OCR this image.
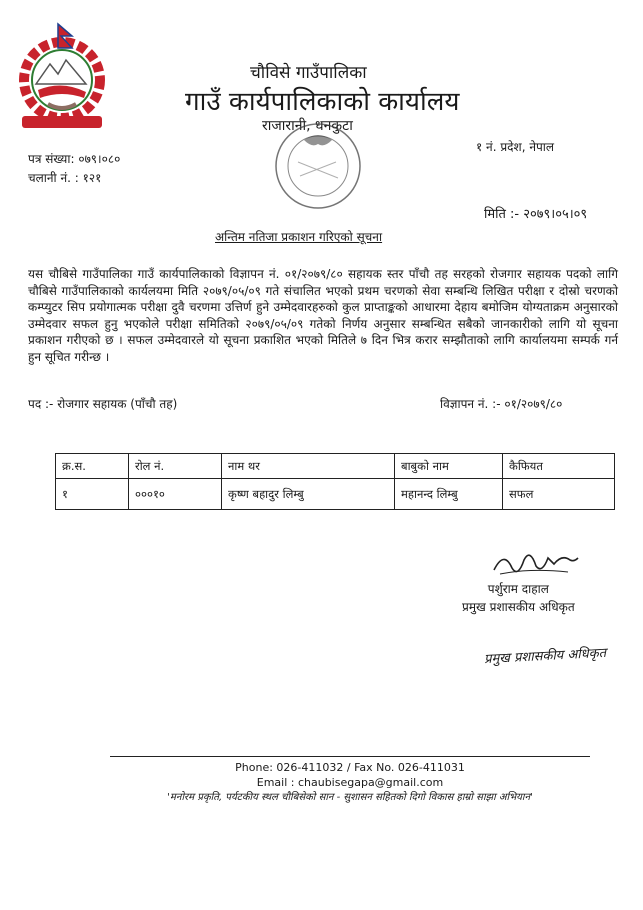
चौविसे गाउँपालिका
गाउँ कार्यपालिकाको कार्यालय
राजारानी, धनकुटा
१ नं. प्रदेश, नेपाल
पत्र संख्या: ०७९।०८०
चलानी नं. : १२१
मिति :- २०७९।०५।०९
अन्तिम नतिजा प्रकाशन गरिएको सूचना
यस चौबिसे गाउँपालिका गाउँ कार्यपालिकाको विज्ञापन नं. ०१/२०७९/८० सहायक स्तर पाँचौ तह सरहको रोजगार सहायक पदको लागि चौबिसे गाउँपालिकाको कार्यलयमा मिति २०७९/०५/०९ गते संचालित भएको प्रथम चरणको सेवा सम्बन्धि लिखित परीक्षा र दोस्रो चरणको कम्प्युटर सिप प्रयोगात्मक परीक्षा दुवै चरणमा उत्तिर्ण हुने उम्मेदवारहरुको कुल प्राप्ताङ्कको आधारमा देहाय बमोजिम योग्यताक्रम अनुसारको उम्मेदवार सफल हुनु भएकोले परीक्षा समितिको २०७९/०५/०९ गतेको निर्णय अनुसार सम्बन्धित सबैको जानकारीको लागि यो सूचना प्रकाशन गरीएको छ । सफल उम्मेदवारले यो सूचना प्रकाशित भएको मितिले ७ दिन भित्र करार सम्झौताको लागि कार्यालयमा सम्पर्क गर्न हुन सूचित गरीन्छ ।
पद :- रोजगार सहायक (पाँचौ तह)	विज्ञापन नं. :- ०१/२०७९/८०
क्र.स.	रोल नं.	नाम थर	बाबुको नाम	कैफियत
१	०००१०	कृष्ण बहादुर लिम्बु	महानन्द लिम्बु	सफल
पर्शुराम दाहाल
प्रमुख प्रशासकीय अधिकृत
प्रमुख प्रशासकीय अधिकृत
Phone: 026-411032 / Fax No. 026-411031
Email : chaubisegapa@gmail.com
'मनोरम प्रकृति, पर्यटकीय स्थल चौबिसेको सान - सुशासन सहितको दिगो विकास हाम्रो साझा अभियान'
